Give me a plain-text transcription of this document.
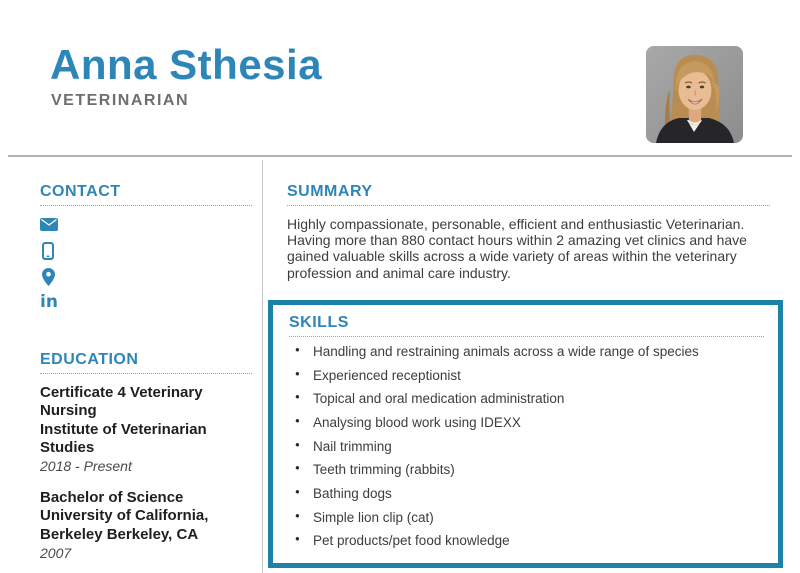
Anna Sthesia
VETERINARIAN
CONTACT
in
EDUCATION

Certificate 4 Veterinary Nursing

Institute of Veterinarian Studies

2018 - Present

Bachelor of Science

University of California, Berkeley Berkeley, CA

2007

SUMMARY

Highly compassionate, personable, efficient and enthusiastic Veterinarian. Having more than 880 contact hours within 2 amazing vet clinics and have gained valuable skills across a wide variety of areas within the veterinary profession and animal care industry.

SKILLS
● Handling and restraining animals across a wide range of species
● Experienced receptionist
● Topical and oral medication administration
● Analysing blood work using IDEXX
● Nail trimming
● Teeth trimming (rabbits)
● Bathing dogs
● Simple lion clip (cat)
● Pet products/pet food knowledge
